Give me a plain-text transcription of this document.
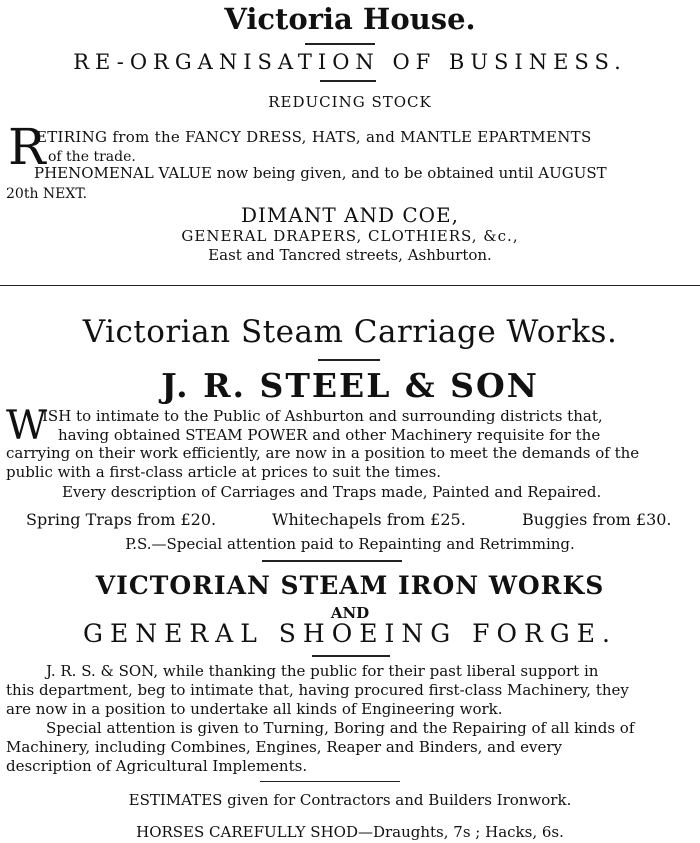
Victoria House.
RE-ORGANISATION OF BUSINESS.
REDUCING STOCK
R
ETIRING from the FANCY DRESS, HATS, and MANTLE EPARTMENTS
of the trade.
PHENOMENAL VALUE now being given, and to be obtained until AUGUST
20th NEXT.
DIMANT AND COE,
GENERAL DRAPERS, CLOTHIERS, &c.,
East and Tancred streets, Ashburton.
Victorian Steam Carriage Works.
J. R. STEEL & SON
W
ISH to intimate to the Public of Ashburton and surrounding districts that,
having obtained STEAM POWER and other Machinery requisite for the
carrying on their work efficiently, are now in a position to meet the demands of the
public with a first-class article at prices to suit the times.
Every description of Carriages and Traps made, Painted and Repaired.
Spring Traps from £20.	Whitechapels from £25.	Buggies from £30.
P.S.—Special attention paid to Repainting and Retrimming.
VICTORIAN STEAM IRON WORKS
AND
GENERAL SHOEING FORGE.
J. R. S. & SON, while thanking the public for their past liberal support in
this department, beg to intimate that, having procured first-class Machinery, they
are now in a position to undertake all kinds of Engineering work.
Special attention is given to Turning, Boring and the Repairing of all kinds of
Machinery, including Combines, Engines, Reaper and Binders, and every
description of Agricultural Implements.
ESTIMATES given for Contractors and Builders Ironwork.
HORSES CAREFULLY SHOD—Draughts, 7s ; Hacks, 6s.
